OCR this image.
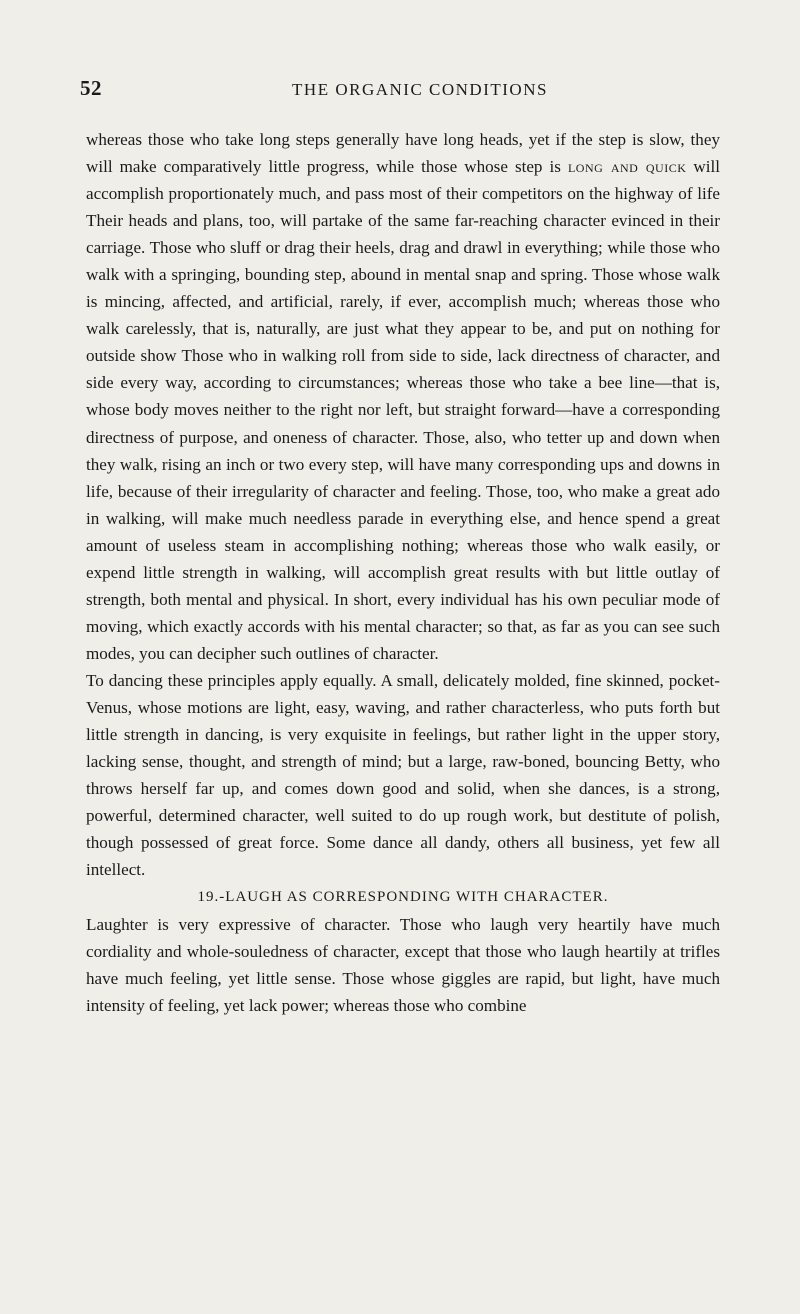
52	THE ORGANIC CONDITIONS

whereas those who take long steps generally have long heads, yet if the step is slow, they will make comparatively little progress, while those whose step is long and quick will accomplish proportionately much, and pass most of their competitors on the highway of life Their heads and plans, too, will partake of the same far-reaching character evinced in their carriage. Those who sluff or drag their heels, drag and drawl in everything; while those who walk with a springing, bounding step, abound in mental snap and spring. Those whose walk is mincing, affected, and artificial, rarely, if ever, accomplish much; whereas those who walk carelessly, that is, naturally, are just what they appear to be, and put on nothing for outside show Those who in walking roll from side to side, lack directness of character, and side every way, according to circumstances; whereas those who take a bee line—that is, whose body moves neither to the right nor left, but straight forward—have a corresponding directness of purpose, and oneness of character. Those, also, who tetter up and down when they walk, rising an inch or two every step, will have many corresponding ups and downs in life, because of their irregularity of character and feeling. Those, too, who make a great ado in walking, will make much needless parade in everything else, and hence spend a great amount of useless steam in accomplishing nothing; whereas those who walk easily, or expend little strength in walking, will accomplish great results with but little outlay of strength, both mental and physical. In short, every individual has his own peculiar mode of moving, which exactly accords with his mental character; so that, as far as you can see such modes, you can decipher such outlines of character.

To dancing these principles apply equally. A small, delicately molded, fine skinned, pocket-Venus, whose motions are light, easy, waving, and rather characterless, who puts forth but little strength in dancing, is very exquisite in feelings, but rather light in the upper story, lacking sense, thought, and strength of mind; but a large, raw-boned, bouncing Betty, who throws herself far up, and comes down good and solid, when she dances, is a strong, powerful, determined character, well suited to do up rough work, but destitute of polish, though possessed of great force. Some dance all dandy, others all business, yet few all intellect.

19.-LAUGH AS CORRESPONDING WITH CHARACTER.

Laughter is very expressive of character. Those who laugh very heartily have much cordiality and whole-souledness of character, except that those who laugh heartily at trifles have much feeling, yet little sense. Those whose giggles are rapid, but light, have much intensity of feeling, yet lack power; whereas those who combine
